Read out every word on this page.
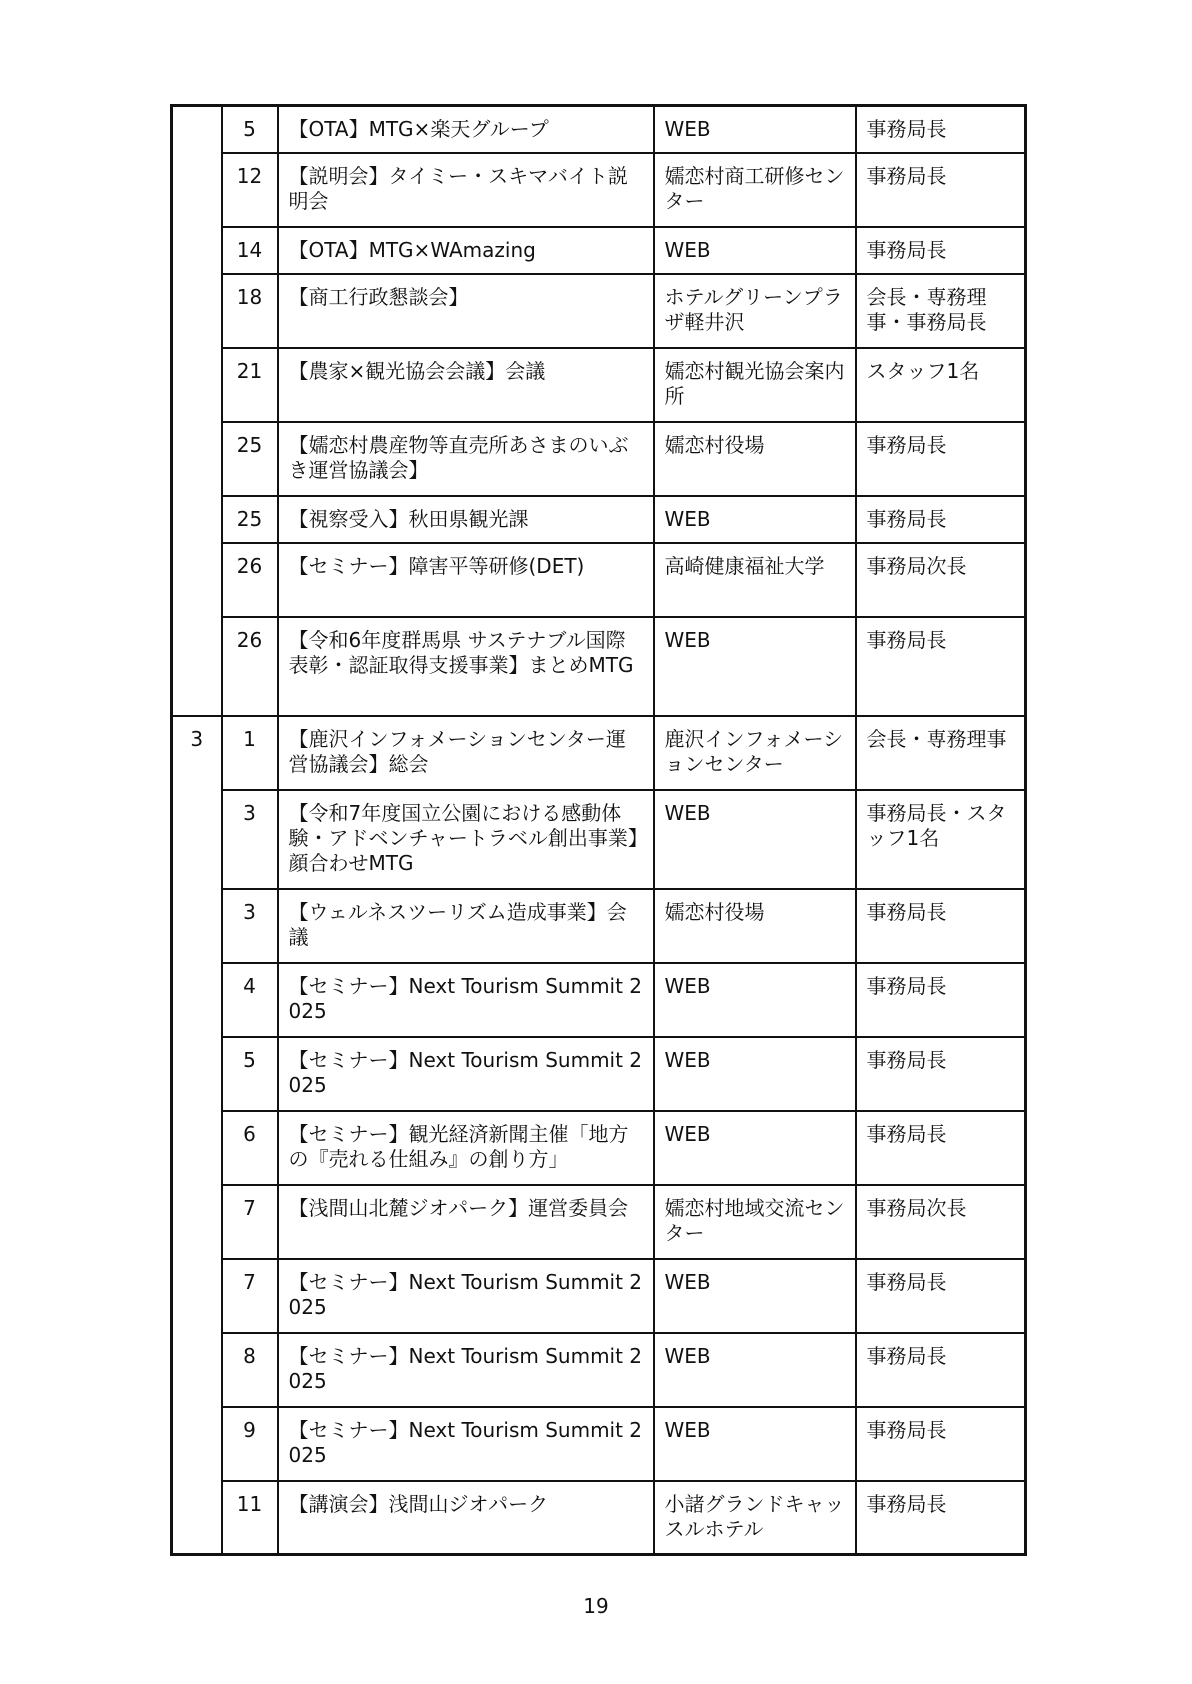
	5	【OTA】MTG×楽天グループ	WEB	事務局長
	12	【説明会】タイミー・スキマバイト説明会	嬬恋村商工研修センター	事務局長
	14	【OTA】MTG×WAmazing	WEB	事務局長
	18	【商工行政懇談会】	ホテルグリーンプラザ軽井沢	会長・専務理事・事務局長
	21	【農家×観光協会会議】会議	嬬恋村観光協会案内所	スタッフ1名
	25	【嬬恋村農産物等直売所あさまのいぶき運営協議会】	嬬恋村役場	事務局長
	25	【視察受入】秋田県観光課	WEB	事務局長
	26	【セミナー】障害平等研修(DET)	高崎健康福祉大学	事務局次長
	26	【令和6年度群馬県 サステナブル国際表彰・認証取得支援事業】まとめMTG	WEB	事務局長
3	1	【鹿沢インフォメーションセンター運営協議会】総会	鹿沢インフォメーションセンター	会長・専務理事
	3	【令和7年度国立公園における感動体験・アドベンチャートラベル創出事業】顔合わせMTG	WEB	事務局長・スタッフ1名
	3	【ウェルネスツーリズム造成事業】会議	嬬恋村役場	事務局長
	4	【セミナー】Next Tourism Summit 2025	WEB	事務局長
	5	【セミナー】Next Tourism Summit 2025	WEB	事務局長
	6	【セミナー】観光経済新聞主催「地方の『売れる仕組み』の創り方」	WEB	事務局長
	7	【浅間山北麓ジオパーク】運営委員会	嬬恋村地域交流センター	事務局次長
	7	【セミナー】Next Tourism Summit 2025	WEB	事務局長
	8	【セミナー】Next Tourism Summit 2025	WEB	事務局長
	9	【セミナー】Next Tourism Summit 2025	WEB	事務局長
	11	【講演会】浅間山ジオパーク	小諸グランドキャッスルホテル	事務局長
19
